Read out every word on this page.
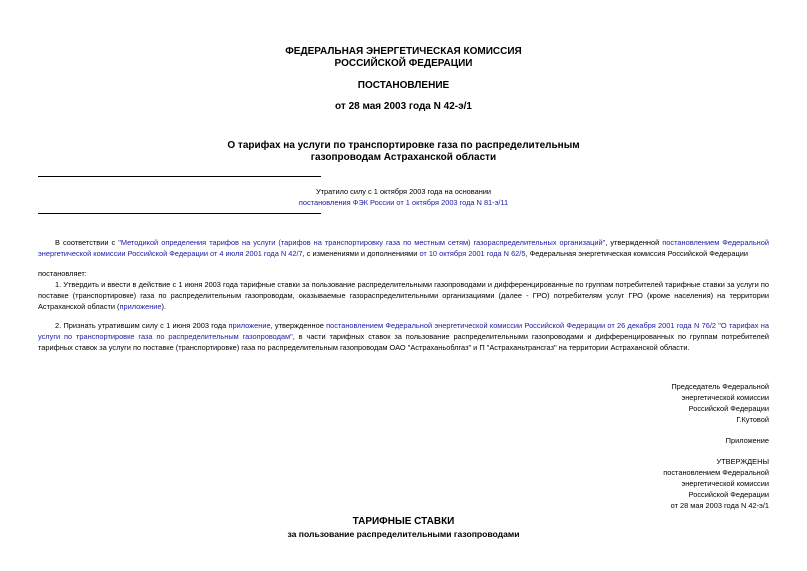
ФЕДЕРАЛЬНАЯ ЭНЕРГЕТИЧЕСКАЯ КОМИССИЯ
РОССИЙСКОЙ ФЕДЕРАЦИИ
ПОСТАНОВЛЕНИЕ
от 28 мая 2003 года N 42-э/1
О тарифах на услуги по транспортировке газа по распределительным
газопроводам Астраханской области
Утратило силу с 1 октября 2003 года на основании
постановления ФЭК России от 1 октября 2003 года N 81-э/11
В соответствии с "Методикой определения тарифов на услуги (тарифов на транспортировку газа по местным сетям) газораспределительных организаций", утвержденной постановлением Федеральной энергетической комиссии Российской Федерации от 4 июля 2001 года N 42/7, с изменениями и дополнениями от 10 октября 2001 года N 62/5, Федеральная энергетическая комиссия Российской Федерации
постановляет:
1. Утвердить и ввести в действие с 1 июня 2003 года тарифные ставки за пользование распределительными газопроводами и дифференцированные по группам потребителей тарифные ставки за услуги по поставке (транспортировке) газа по распределительным газопроводам, оказываемые газораспределительными организациями (далее - ГРО) потребителям услуг ГРО (кроме населения) на территории Астраханской области (приложение).
2. Признать утратившим силу с 1 июня 2003 года приложение, утвержденное постановлением Федеральной энергетической комиссии Российской Федерации от 26 декабря 2001 года N 76/2 "О тарифах на услуги по транспортировке газа по распределительным газопроводам", в части тарифных ставок за пользование распределительными газопроводами и дифференцированных по группам потребителей тарифных ставок за услуги по поставке (транспортировке) газа по распределительным газопроводам ОАО "Астраханьоблгаз" и П "Астраханьтрансгаз" на территории Астраханской области.
Председатель Федеральной
энергетической комиссии
Российской Федерации
Г.Кутовой
Приложение
УТВЕРЖДЕНЫ
постановлением Федеральной
энергетической комиссии
Российской Федерации
от 28 мая 2003 года N 42-э/1
ТАРИФНЫЕ СТАВКИ
за пользование распределительными газопроводами
